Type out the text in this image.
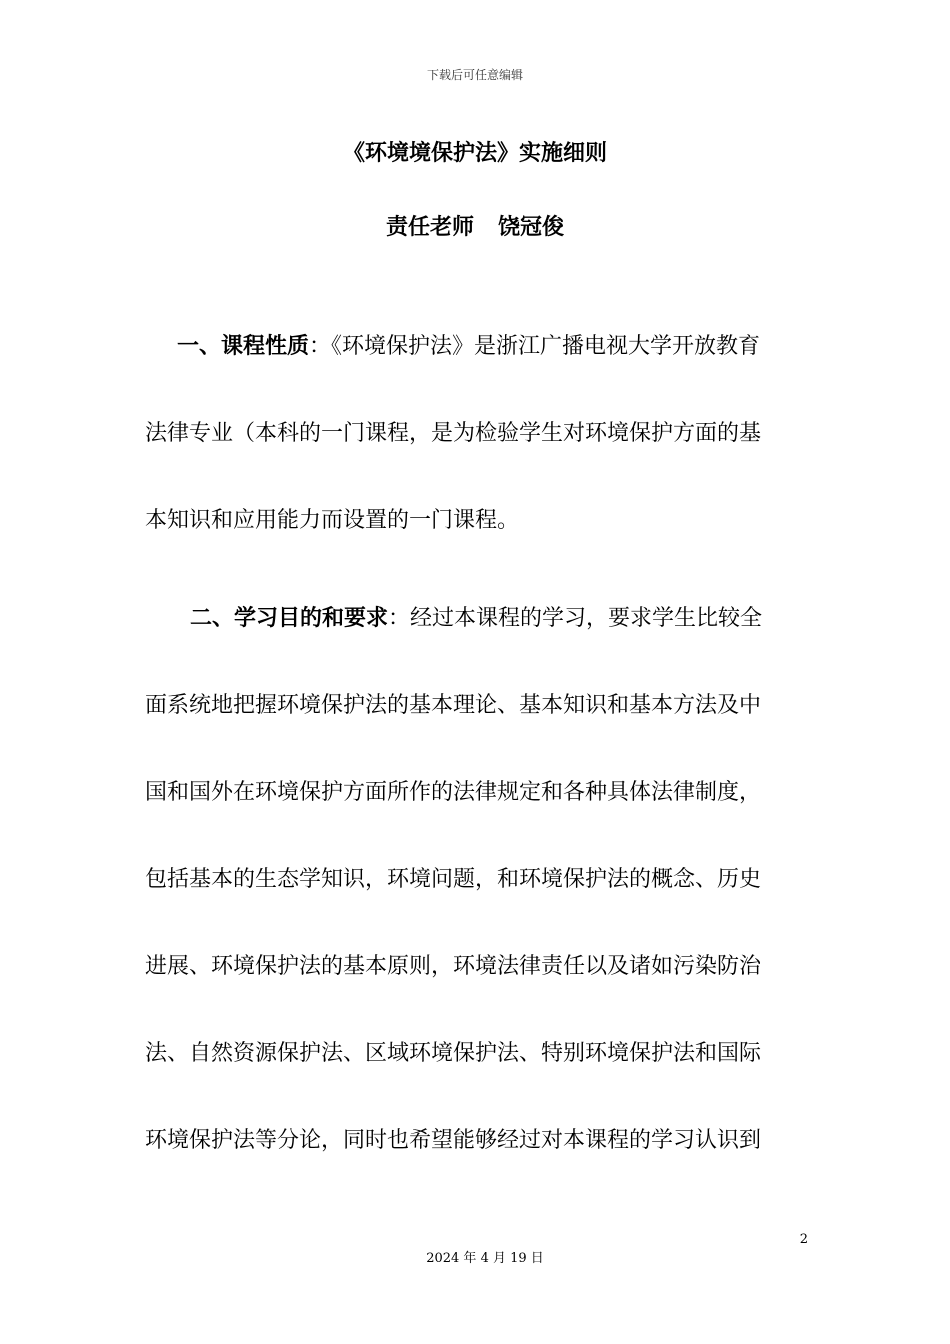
下载后可任意编辑
《环境境保护法》实施细则
责任老师 饶冠俊
一、课程性质：《环境保护法》是浙江广播电视大学开放教育
法律专业（本科的一门课程，是为检验学生对环境保护方面的基
本知识和应用能力而设置的一门课程。
二、学习目的和要求：经过本课程的学习，要求学生比较全
面系统地把握环境保护法的基本理论、基本知识和基本方法及中
国和国外在环境保护方面所作的法律规定和各种具体法律制度，
包括基本的生态学知识，环境问题，和环境保护法的概念、历史
进展、环境保护法的基本原则，环境法律责任以及诸如污染防治
法、自然资源保护法、区域环境保护法、特别环境保护法和国际
环境保护法等分论，同时也希望能够经过对本课程的学习认识到
2
2024 年 4 月 19 日
